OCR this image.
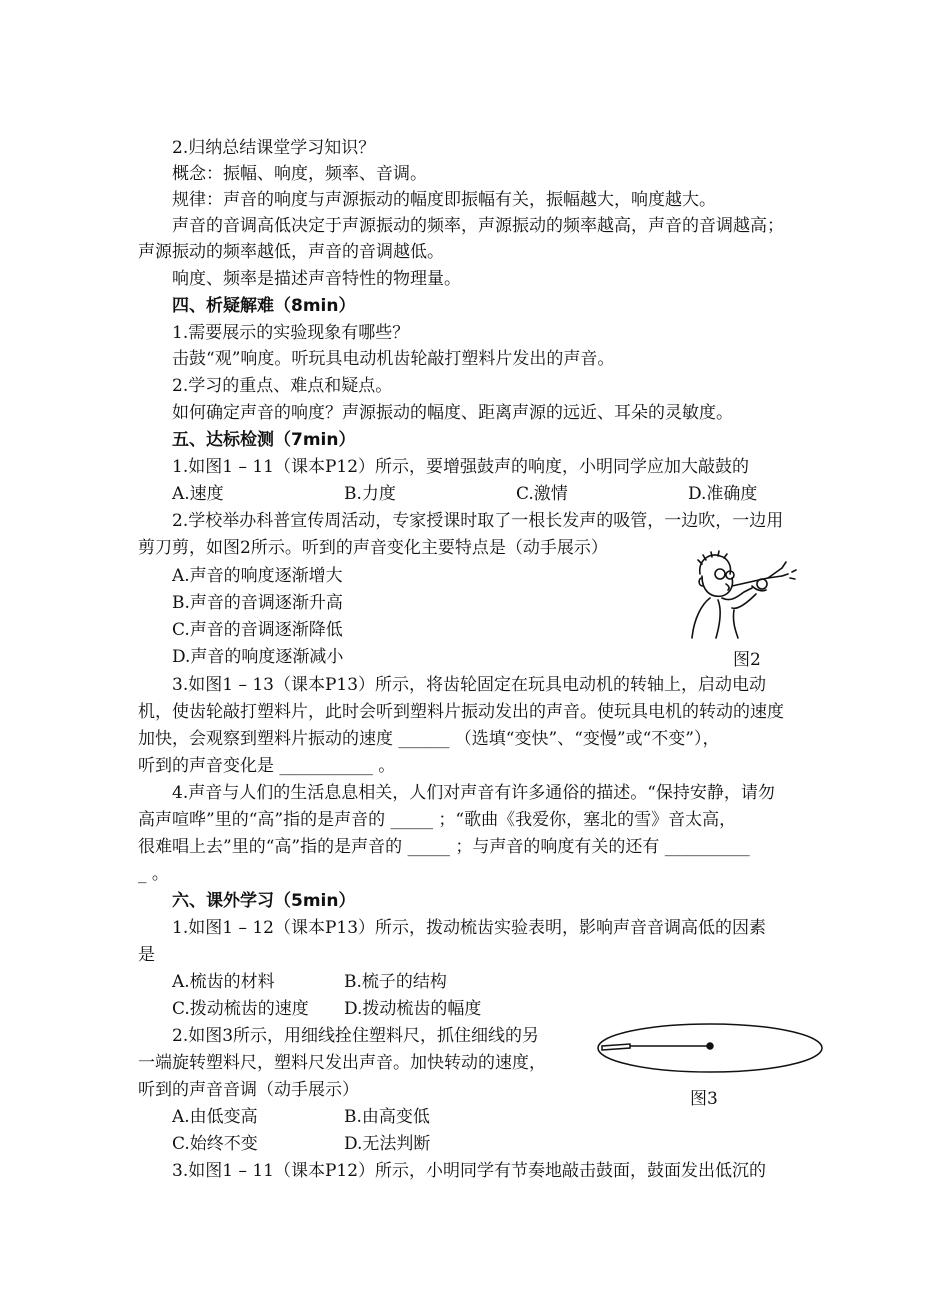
2.归纳总结课堂学习知识？
概念：振幅、响度，频率、音调。
规律：声音的响度与声源振动的幅度即振幅有关，振幅越大，响度越大。
声音的音调高低决定于声源振动的频率，声源振动的频率越高，声音的音调越高；
声源振动的频率越低，声音的音调越低。
响度、频率是描述声音特性的物理量。
四、析疑解难（8min）
1.需要展示的实验现象有哪些？
击鼓“观”响度。听玩具电动机齿轮敲打塑料片发出的声音。
2.学习的重点、难点和疑点。
如何确定声音的响度？声源振动的幅度、距离声源的远近、耳朵的灵敏度。
五、达标检测（7min）
1.如图1 – 11（课本P12）所示，要增强鼓声的响度，小明同学应加大敲鼓的
A.速度	B.力度	C.激情	D.准确度
2.学校举办科普宣传周活动，专家授课时取了一根长发声的吸管，一边吹，一边用
剪刀剪，如图2所示。听到的声音变化主要特点是（动手展示）
A.声音的响度逐渐增大
B.声音的音调逐渐升高
C.声音的音调逐渐降低
D.声音的响度逐渐减小	图2
3.如图1 – 13（课本P13）所示，将齿轮固定在玩具电动机的转轴上，启动电动
机，使齿轮敲打塑料片，此时会听到塑料片振动发出的声音。使玩具电机的转动的速度
加快，会观察到塑料片振动的速度 ______ （选填“变快”、“变慢”或“不变”），
听到的声音变化是 ___________ 。
4.声音与人们的生活息息相关，人们对声音有许多通俗的描述。“保持安静，请勿
高声喧哗”里的“高”指的是声音的 _____ ；“歌曲《我爱你，塞北的雪》音太高，
很难唱上去”里的“高”指的是声音的 _____ ；与声音的响度有关的还有 __________
_ 。
六、课外学习（5min）
1.如图1 – 12（课本P13）所示，拨动梳齿实验表明，影响声音音调高低的因素
是
A.梳齿的材料	B.梳子的结构
C.拨动梳齿的速度 D.拨动梳齿的幅度
2.如图3所示，用细线拴住塑料尺，抓住细线的另
一端旋转塑料尺，塑料尺发出声音。加快转动的速度，
听到的声音音调（动手展示）	图3
A.由低变高	B.由高变低
C.始终不变	D.无法判断
3.如图1 – 11（课本P12）所示，小明同学有节奏地敲击鼓面，鼓面发出低沉的
